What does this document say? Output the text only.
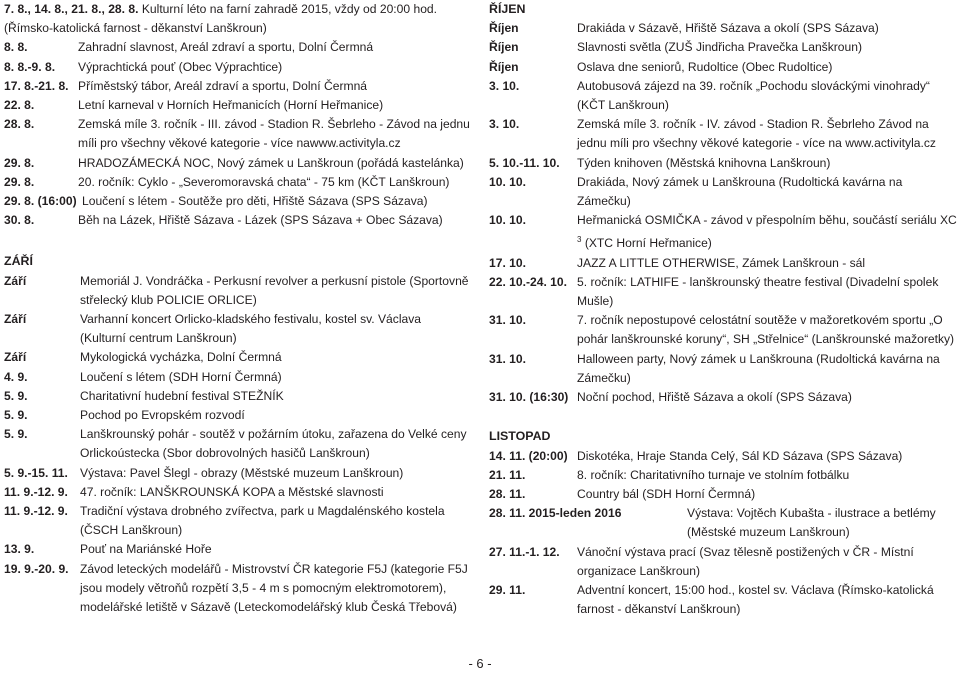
7. 8., 14. 8., 21. 8., 28. 8. Kulturní léto na farní zahradě 2015, vždy od 20:00 hod. (Římsko-katolická farnost - děkanství Lanškroun)
8. 8.	Zahradní slavnost, Areál zdraví a sportu, Dolní Čermná
8. 8.-9. 8.	Výprachtická pouť (Obec Výprachtice)
17. 8.-21. 8. Příměstský tábor, Areál zdraví a sportu, Dolní Čermná
22. 8.	Letní karneval v Horních Heřmanicích (Horní Heřmanice)
28. 8.	Zemská míle 3. ročník - III. závod - Stadion R. Šebrleho - Závod na jednu míli pro všechny věkové kategorie - více nawww.activityla.cz
29. 8.	HRADOZÁMECKÁ NOC, Nový zámek u Lanškroun (pořádá kastelánka)
29. 8.	20. ročník: Cyklo - „Severomoravská chata“ - 75 km (KČT Lanškroun)
29. 8. (16:00) Loučení s létem - Soutěže pro děti, Hřiště Sázava (SPS Sázava)
30. 8.	Běh na Lázek, Hřiště Sázava - Lázek (SPS Sázava + Obec Sázava)
ZÁŘÍ
Září	Memoriál J. Vondráčka - Perkusní revolver a perkusní pistole (Sportovně střelecký klub POLICIE ORLICE)
Září	Varhanní koncert Orlicko-kladského festivalu, kostel sv. Václava (Kulturní centrum Lanškroun)
Září	Mykologická vycházka, Dolní Čermná
4. 9.	Loučení s létem (SDH Horní Čermná)
5. 9.	Charitativní hudební festival STEŽNÍK
5. 9.	Pochod po Evropském rozvodí
5. 9.	Lanškrounský pohár - soutěž v požárním útoku, zařazena do Velké ceny Orlickoústecka (Sbor dobrovolných hasičů Lanškroun)
5. 9.-15. 11.	Výstava: Pavel Šlegl - obrazy (Městské muzeum Lanškroun)
11. 9.-12. 9.	47. ročník: LANŠKROUNSKÁ KOPA a Městské slavnosti
11. 9.-12. 9.	Tradiční výstava drobného zvířectva, park u Magdalénského kostela (ČSCH Lanškroun)
13. 9.	Pouť na Mariánské Hoře
19. 9.-20. 9. Závod leteckých modelářů - Mistrovství ČR kategorie F5J (kategorie F5J jsou modely větroňů rozpětí 3,5 - 4 m s pomocným elektromotorem), modelářské letiště v Sázavě (Leteckomodelářský klub Česká Třebová)
ŘÍJEN
Říjen	Drakiáda v Sázavě, Hřiště Sázava a okolí (SPS Sázava)
Říjen	Slavnosti světla (ZUŠ Jindřicha Pravečka Lanškroun)
Říjen	Oslava dne seniorů, Rudoltice (Obec Rudoltice)
3. 10.	Autobusová zájezd na 39. ročník „Pochodu slováckými vinohrady“ (KČT Lanškroun)
3. 10.	Zemská míle 3. ročník - IV. závod - Stadion R. Šebrleho Závod na jednu míli pro všechny věkové kategorie - více na www.activityla.cz
5. 10.-11. 10.	Týden knihoven (Městská knihovna Lanškroun)
10. 10.	Drakiáda, Nový zámek u Lanškrouna (Rudoltická kavárna na Zámečku)
10. 10.	Heřmanická OSMIČKA - závod v přespolním běhu, součástí seriálu XC $^3$ (XTC Horní Heřmanice)
17. 10.	JAZZ A LITTLE OTHERWISE, Zámek Lanškroun - sál
22. 10.-24. 10. 5. ročník: LATHIFE - lanškrounský theatre festival (Divadelní spolek Mušle)
31. 10.	7. ročník nepostupové celostátní soutěže v mažoretkovém sportu „O pohár lanškrounské koruny“, SH „Střelnice“ (Lanškrounské mažoretky)
31. 10.	Halloween party, Nový zámek u Lanškrouna (Rudoltická kavárna na Zámečku)
31. 10. (16:30) Noční pochod, Hřiště Sázava a okolí (SPS Sázava)
LISTOPAD
14. 11. (20:00) Diskotéka, Hraje Standa Celý, Sál KD Sázava (SPS Sázava)
21. 11.	8. ročník: Charitativního turnaje ve stolním fotbálku
28. 11.	Country bál (SDH Horní Čermná)
28. 11. 2015-leden 2016	Výstava: Vojtěch Kubašta - ilustrace a betlémy (Městské muzeum Lanškroun)
27. 11.-1. 12.	Vánoční výstava prací (Svaz tělesně postižených v ČR - Místní organizace Lanškroun)
29. 11.	Adventní koncert, 15:00 hod., kostel sv. Václava (Římsko-katolická farnost - děkanství Lanškroun)
- 6 -
